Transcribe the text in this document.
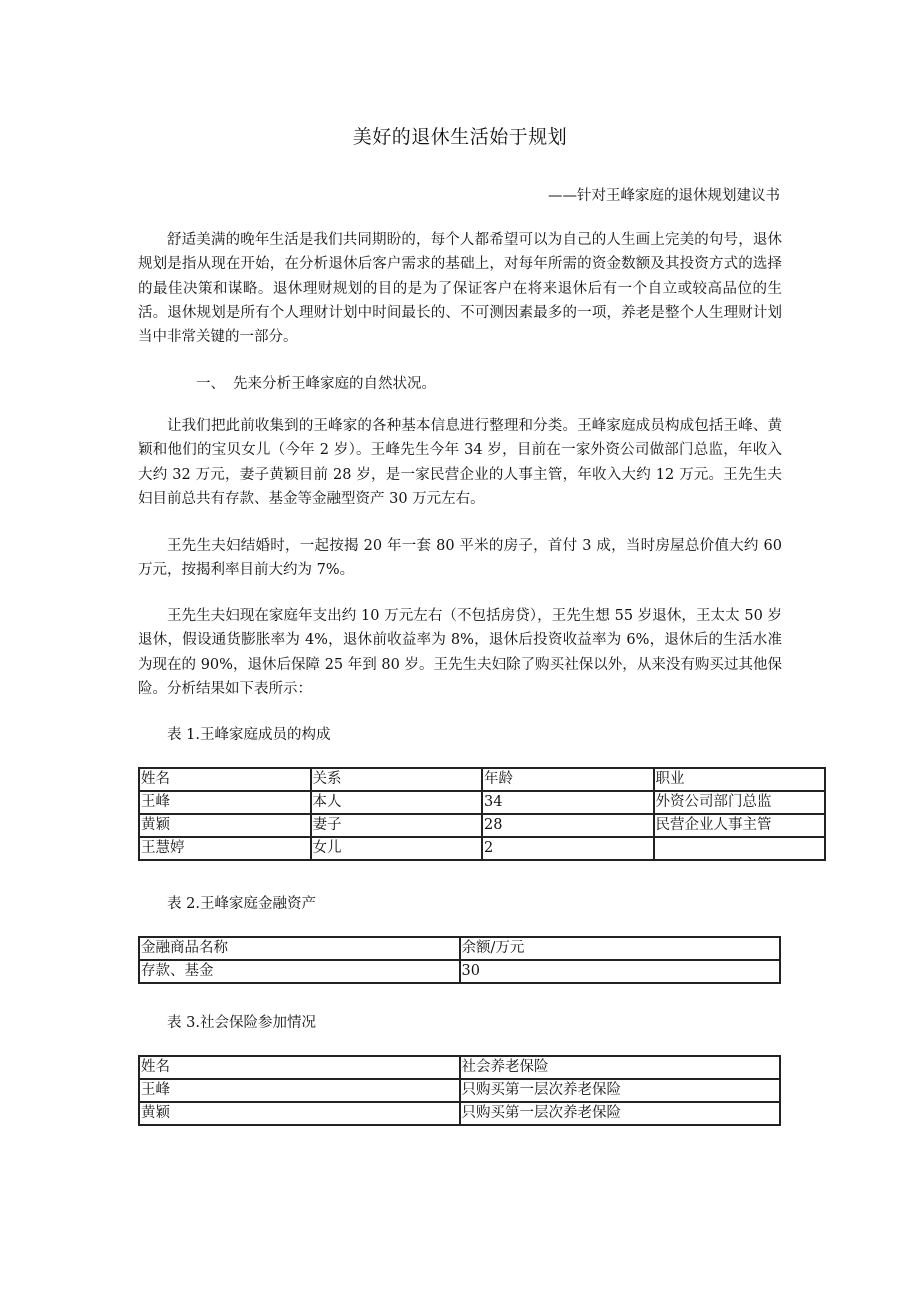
美好的退休生活始于规划
——针对王峰家庭的退休规划建议书

舒适美满的晚年生活是我们共同期盼的，每个人都希望可以为自己的人生画上完美的句号，退休规划是指从现在开始，在分析退休后客户需求的基础上，对每年所需的资金数额及其投资方式的选择的最佳决策和谋略。退休理财规划的目的是为了保证客户在将来退休后有一个自立或较高品位的生活。退休规划是所有个人理财计划中时间最长的、不可测因素最多的一项，养老是整个人生理财计划当中非常关键的一部分。

一、 先来分析王峰家庭的自然状况。

让我们把此前收集到的王峰家的各种基本信息进行整理和分类。王峰家庭成员构成包括王峰、黄颖和他们的宝贝女儿（今年 2 岁）。王峰先生今年 34 岁，目前在一家外资公司做部门总监，年收入大约 32 万元，妻子黄颖目前 28 岁，是一家民营企业的人事主管，年收入大约 12 万元。王先生夫妇目前总共有存款、基金等金融型资产 30 万元左右。

王先生夫妇结婚时，一起按揭 20 年一套 80 平米的房子，首付 3 成，当时房屋总价值大约 60 万元，按揭利率目前大约为 7%。

王先生夫妇现在家庭年支出约 10 万元左右（不包括房贷），王先生想 55 岁退休，王太太 50 岁退休，假设通货膨胀率为 4%，退休前收益率为 8%，退休后投资收益率为 6%，退休后的生活水准为现在的 90%，退休后保障 25 年到 80 岁。王先生夫妇除了购买社保以外，从来没有购买过其他保险。分析结果如下表所示：

表 1.王峰家庭成员的构成
姓名	关系	年龄	职业
王峰	本人	34	外资公司部门总监
黄颖	妻子	28	民营企业人事主管
王慧婷	女儿	2	
表 2.王峰家庭金融资产
金融商品名称	余额/万元
存款、基金	30
表 3.社会保险参加情况
姓名	社会养老保险
王峰	只购买第一层次养老保险
黄颖	只购买第一层次养老保险
